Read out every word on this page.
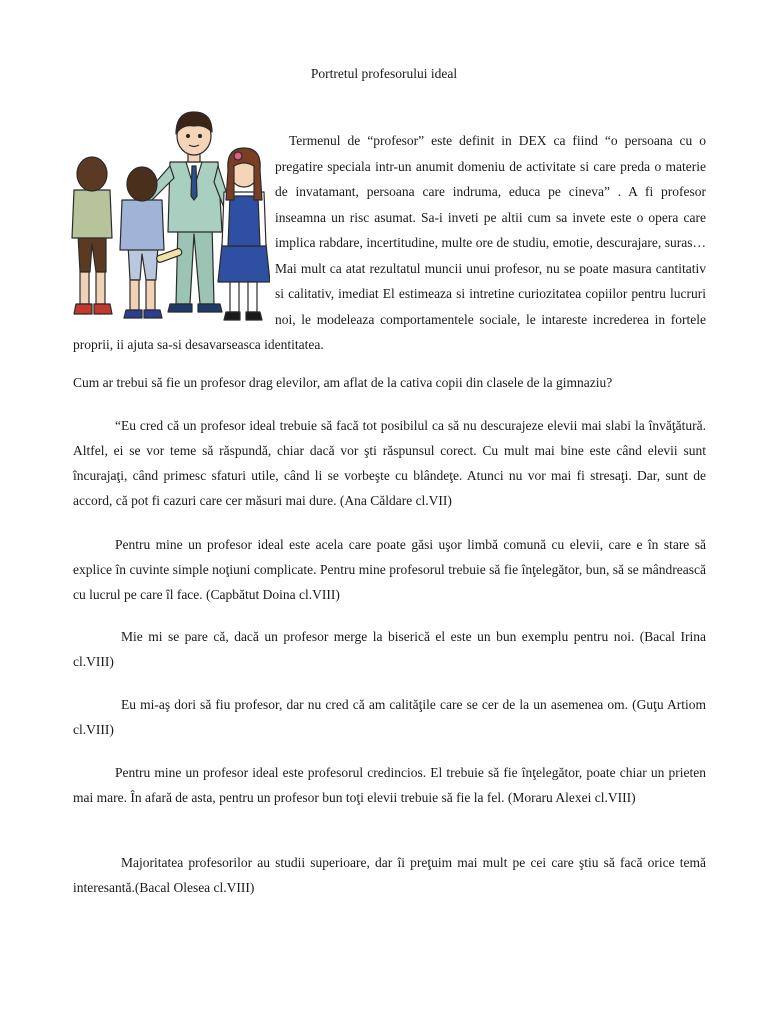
Portretul profesorului ideal
Termenul de “profesor” este definit in DEX ca fiind “o persoana cu o pregatire speciala intr-un anumit domeniu de activitate si care preda o materie de invatamant, persoana care indruma, educa pe cineva” . A fi profesor inseamna un risc asumat. Sa-i inveti pe altii cum sa invete este o opera care implica rabdare, incertitudine, multe ore de studiu, emotie, descurajare, suras…Mai mult ca atat rezultatul muncii unui profesor, nu se poate masura cantitativ si calitativ, imediat El estimeaza si intretine curiozitatea copiilor pentru lucruri noi, le modeleaza comportamentele sociale, le intareste increderea in fortele proprii, ii ajuta sa-si desavarseasca identitatea.
Cum ar trebui să fie un profesor drag elevilor, am aflat de la cativa copii din clasele de la gimnaziu?
“Eu cred că un profesor ideal trebuie să facă tot posibilul ca să nu descurajeze elevii mai slabi la învăţătură. Altfel, ei se vor teme să răspundă, chiar dacă vor şti răspunsul corect. Cu mult mai bine este când elevii sunt încurajaţi, când primesc sfaturi utile, când li se vorbeşte cu blândeţe. Atunci nu vor mai fi stresaţi. Dar, sunt de accord, că pot fi cazuri care cer măsuri mai dure. (Ana Căldare cl.VII)
Pentru mine un profesor ideal este acela care poate găsi uşor limbă comună cu elevii, care e în stare să explice în cuvinte simple noţiuni complicate. Pentru mine profesorul trebuie să fie înţelegător, bun, să se mândrească cu lucrul pe care îl face. (Capbătut Doina cl.VIII)
Mie mi se pare că, dacă un profesor merge la biserică el este un bun exemplu pentru noi. (Bacal Irina cl.VIII)
Eu mi-aş dori să fiu profesor, dar nu cred că am calităţile care se cer de la un asemenea om. (Guţu Artiom cl.VIII)
Pentru mine un profesor ideal este profesorul credincios. El trebuie să fie înţelegător, poate chiar un prieten mai mare. În afară de asta, pentru un profesor bun toţi elevii trebuie să fie la fel. (Moraru Alexei cl.VIII)
Majoritatea profesorilor au studii superioare, dar îi preţuim mai mult pe cei care ştiu să facă orice temă interesantă.(Bacal Olesea cl.VIII)
